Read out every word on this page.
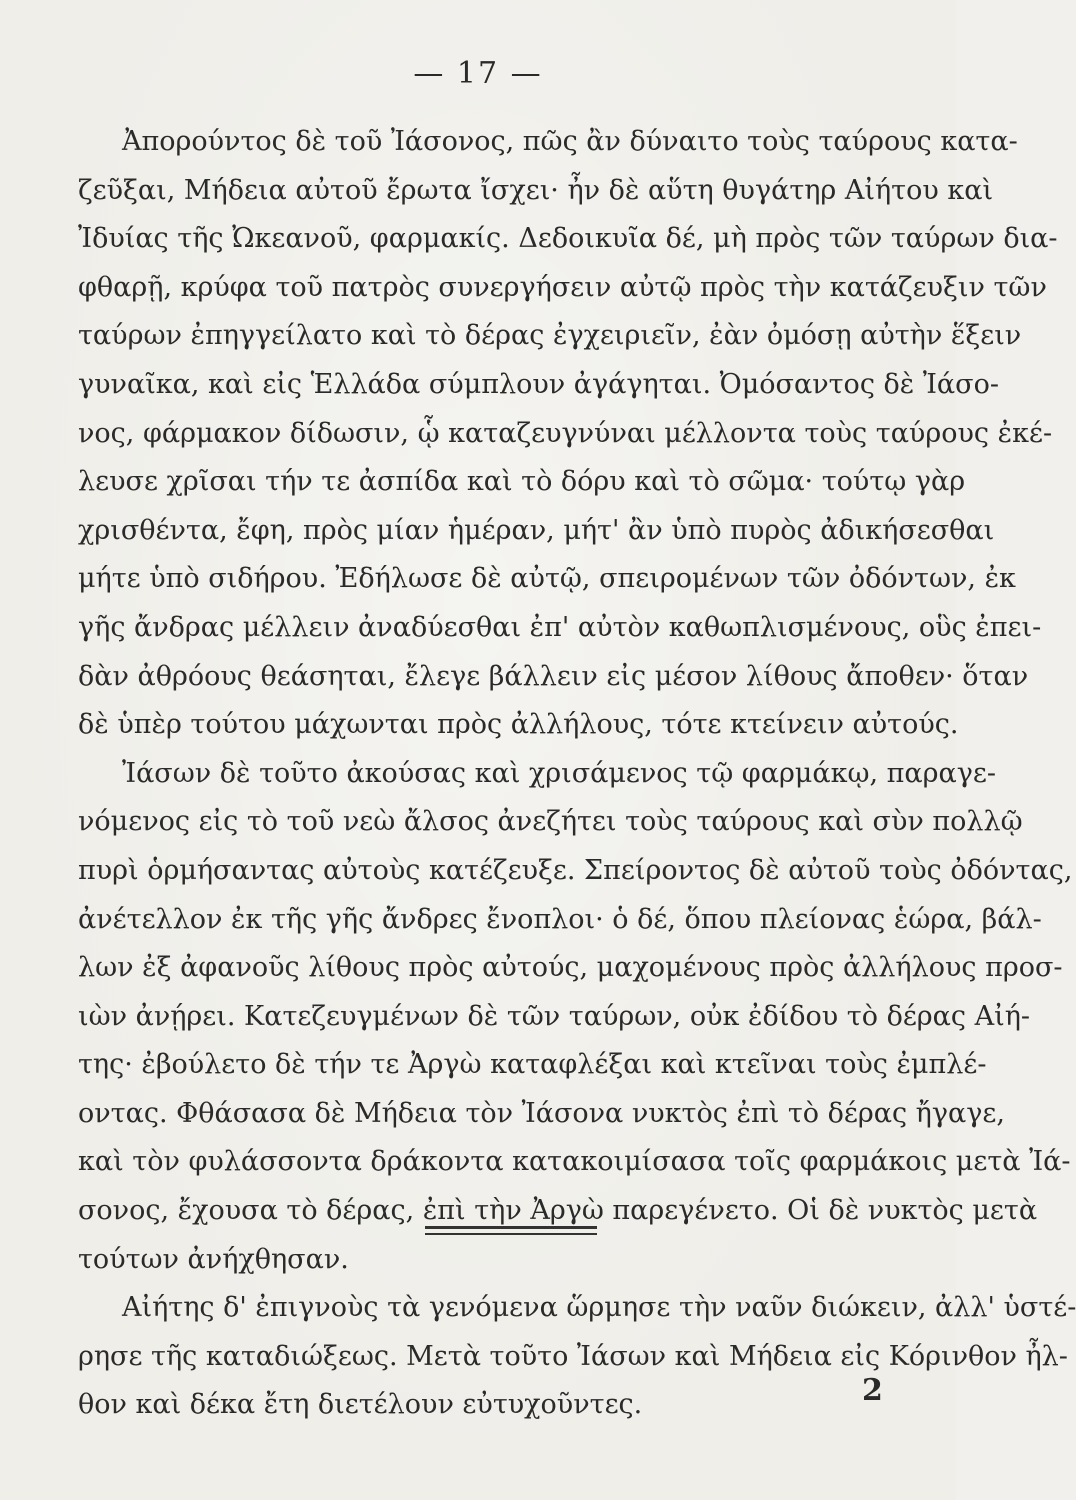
— 17 —
Ἀπορούντος δὲ τοῦ Ἰάσονος, πῶς ἂν δύναιτο τοὺς ταύρους κατα-
ζεῦξαι, Μήδεια αὐτοῦ ἔρωτα ἴσχει· ἦν δὲ αὕτη θυγάτηρ Αἰήτου καὶ
Ἰδυίας τῆς Ὠκεανοῦ, φαρμακίς. Δεδοικυῖα δέ, μὴ πρὸς τῶν ταύρων δια-
φθαρῇ, κρύφα τοῦ πατρὸς συνεργήσειν αὐτῷ πρὸς τὴν κατάζευξιν τῶν
ταύρων ἐπηγγείλατο καὶ τὸ δέρας ἐγχειριεῖν, ἐὰν ὀμόσῃ αὐτὴν ἕξειν
γυναῖκα, καὶ εἰς Ἑλλάδα σύμπλουν ἀγάγηται. Ὀμόσαντος δὲ Ἰάσο-
νος, φάρμακον δίδωσιν, ᾧ καταζευγνύναι μέλλοντα τοὺς ταύρους ἐκέ-
λευσε χρῖσαι τήν τε ἀσπίδα καὶ τὸ δόρυ καὶ τὸ σῶμα· τούτῳ γὰρ
χρισθέντα, ἔφη, πρὸς μίαν ἡμέραν, μήτ' ἂν ὑπὸ πυρὸς ἀδικήσεσθαι
μήτε ὑπὸ σιδήρου. Ἐδήλωσε δὲ αὐτῷ, σπειρομένων τῶν ὀδόντων, ἐκ
γῆς ἄνδρας μέλλειν ἀναδύεσθαι ἐπ' αὐτὸν καθωπλισμένους, οὓς ἐπει-
δὰν ἀθρόους θεάσηται, ἔλεγε βάλλειν εἰς μέσον λίθους ἄποθεν· ὅταν
δὲ ὑπὲρ τούτου μάχωνται πρὸς ἀλλήλους, τότε κτείνειν αὐτούς.
Ἰάσων δὲ τοῦτο ἀκούσας καὶ χρισάμενος τῷ φαρμάκῳ, παραγε-
νόμενος εἰς τὸ τοῦ νεὼ ἄλσος ἀνεζήτει τοὺς ταύρους καὶ σὺν πολλῷ
πυρὶ ὁρμήσαντας αὐτοὺς κατέζευξε. Σπείροντος δὲ αὐτοῦ τοὺς ὀδόντας,
ἀνέτελλον ἐκ τῆς γῆς ἄνδρες ἔνοπλοι· ὁ δέ, ὅπου πλείονας ἑώρα, βάλ-
λων ἐξ ἀφανοῦς λίθους πρὸς αὐτούς, μαχομένους πρὸς ἀλλήλους προσ-
ιὼν ἀνῄρει. Κατεζευγμένων δὲ τῶν ταύρων, οὐκ ἐδίδου τὸ δέρας Αἰή-
της· ἐβούλετο δὲ τήν τε Ἀργὼ καταφλέξαι καὶ κτεῖναι τοὺς ἐμπλέ-
οντας. Φθάσασα δὲ Μήδεια τὸν Ἰάσονα νυκτὸς ἐπὶ τὸ δέρας ἤγαγε,
καὶ τὸν φυλάσσοντα δράκοντα κατακοιμίσασα τοῖς φαρμάκοις μετὰ Ἰά-
σονος, ἔχουσα τὸ δέρας, ἐπὶ τὴν Ἀργὼ παρεγένετο. Οἱ δὲ νυκτὸς μετὰ
τούτων ἀνήχθησαν.
Αἰήτης δ' ἐπιγνοὺς τὰ γενόμενα ὥρμησε τὴν ναῦν διώκειν, ἀλλ' ὑστέ-
ρησε τῆς καταδιώξεως. Μετὰ τοῦτο Ἰάσων καὶ Μήδεια εἰς Κόρινθον ἦλ-
θον καὶ δέκα ἔτη διετέλουν εὐτυχοῦντες.	2
